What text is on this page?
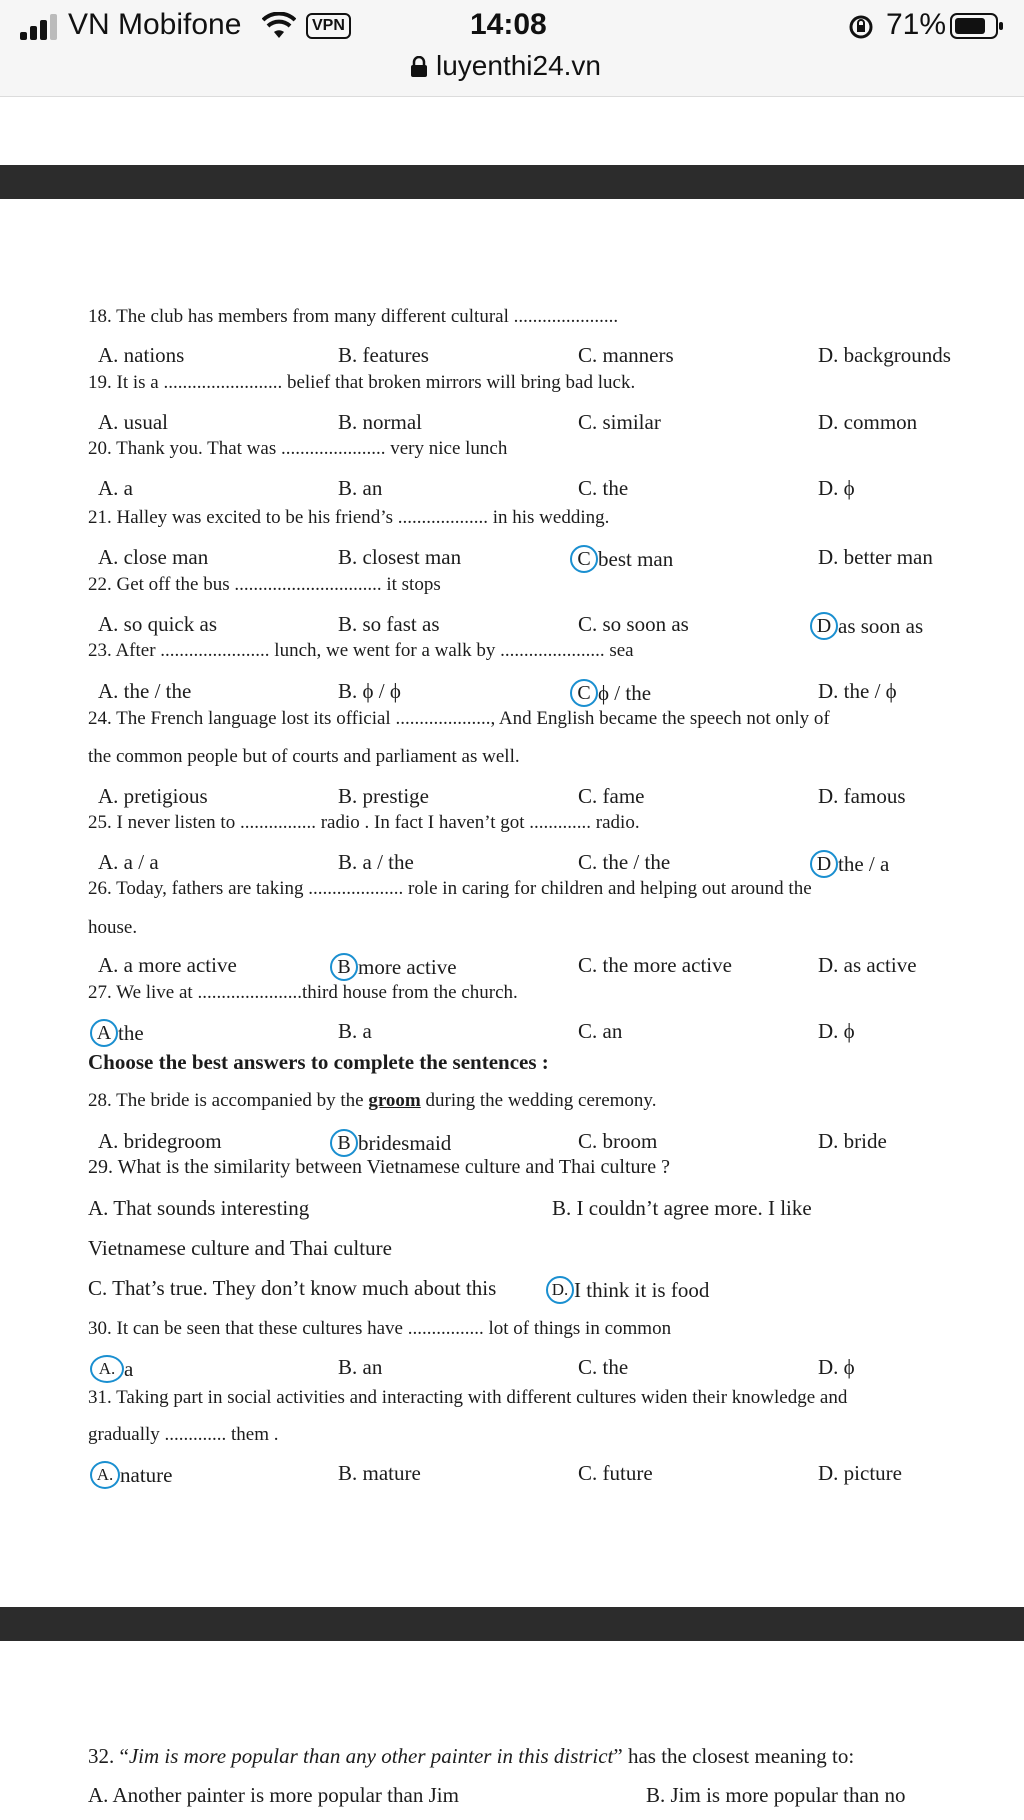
VN Mobifone	VPN	14:08	71%
luyenthi24.vn
18. The club has members from many different cultural ......................
A. nations	B. features	C. manners	D. backgrounds
19. It is a ......................... belief that broken mirrors will bring bad luck.
A. usual	B. normal	C. similar	D. common
20. Thank you. That was ...................... very nice lunch
A. a	B. an	C. the	D. ϕ
21. Halley was excited to be his friend’s ................... in his wedding.
A. close man	B. closest man	C best man	D. better man
22. Get off the bus ............................... it stops
A. so quick as	B. so fast as	C. so soon as	D as soon as
23. After ....................... lunch, we went for a walk by ...................... sea
A. the / the	B. ϕ / ϕ	C ϕ / the	D. the / ϕ
24. The French language lost its official ...................., And English became the speech not only of
the common people but of courts and parliament as well.
A. pretigious	B. prestige	C. fame	D. famous
25. I never listen to ................ radio . In fact I haven’t got ............. radio.
A. a / a	B. a / the	C. the / the	D the / a
26. Today, fathers are taking .................... role in caring for children and helping out around the
house.
A. a more active	B more active	C. the more active	D. as active
27. We live at ......................third house from the church.
A the	B. a	C. an	D. ϕ
Choose the best answers to complete the sentences :
28. The bride is accompanied by the groom during the wedding ceremony.
A. bridegroom	B bridesmaid	C. broom	D. bride
29. What is the similarity between Vietnamese culture and Thai culture ?
A. That sounds interesting	B. I couldn’t agree more. I like
Vietnamese culture and Thai culture
C. That’s true. They don’t know much about this	D. I think it is food
30. It can be seen that these cultures have ................ lot of things in common
A. a	B. an	C. the	D. ϕ
31. Taking part in social activities and interacting with different cultures widen their knowledge and
gradually ............. them .
A. nature	B. mature	C. future	D. picture
32. “Jim is more popular than any other painter in this district” has the closest meaning to:
A. Another painter is more popular than Jim	B. Jim is more popular than no
